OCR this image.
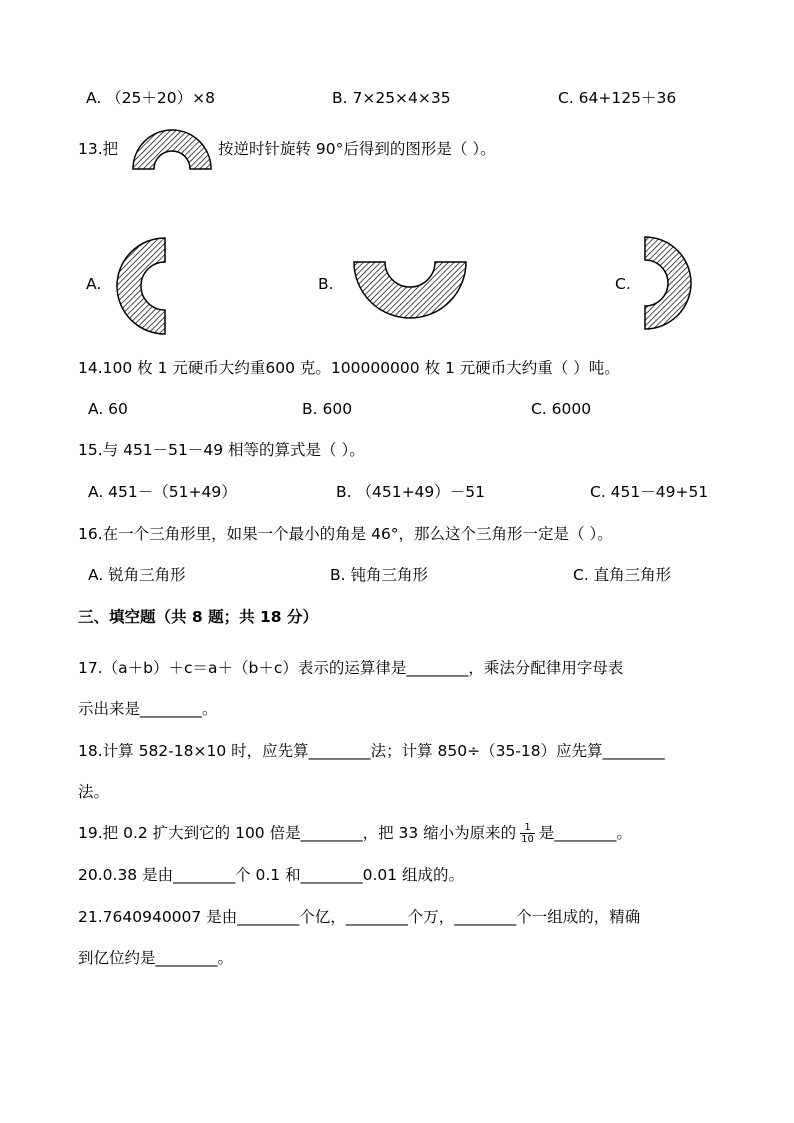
A. （25＋20）×8	B. 7×25×4×35	C. 64+125＋36
13.把	按逆时针旋转 90°后得到的图形是（ ）。
A.	B.	C.
14.100 枚 1 元硬币大约重600 克。100000000 枚 1 元硬币大约重（ ）吨。
A. 60	B. 600	C. 6000
15.与 451－51－49 相等的算式是（ ）。
A. 451－（51+49）	B. （451+49）－51	C. 451－49+51
16.在一个三角形里，如果一个最小的角是 46°，那么这个三角形一定是（ ）。
A. 锐角三角形	B. 钝角三角形	C. 直角三角形
三、填空题（共 8 题；共 18 分）
17.（a＋b）＋c＝a＋（b＋c）表示的运算律是________，乘法分配律用字母表
示出来是________。
18.计算 582-18×10 时，应先算________法；计算 850÷（35-18）应先算________
法。
19.把 0.2 扩大到它的 100 倍是________，把 33 缩小为原来的 $\frac{1}{10}$ 是________。
20.0.38 是由________个 0.1 和________0.01 组成的。
21.7640940007 是由________个亿，________个万，________个一组成的，精确
到亿位约是________。
